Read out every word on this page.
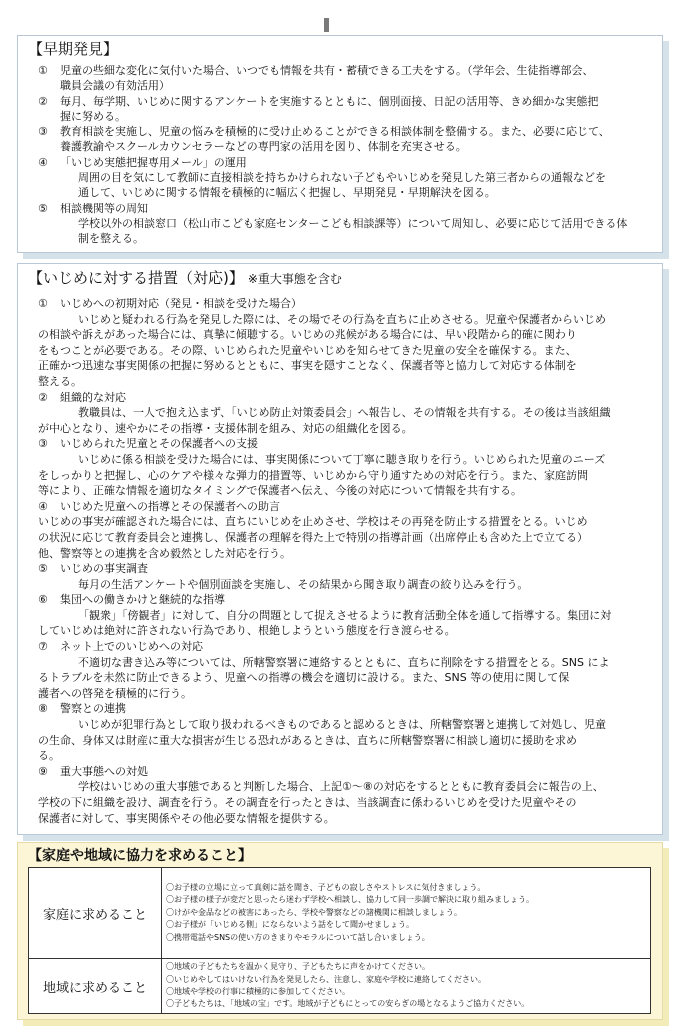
【早期発見】
① 児童の些細な変化に気付いた場合、いつでも情報を共有・蓄積できる工夫をする。（学年会、生徒指導部会、
職員会議の有効活用）
② 毎月、毎学期、いじめに関するアンケートを実施するとともに、個別面接、日記の活用等、きめ細かな実態把
握に努める。
③ 教育相談を実施し、児童の悩みを積極的に受け止めることができる相談体制を整備する。また、必要に応じて、
養護教諭やスクールカウンセラーなどの専門家の活用を図り、体制を充実させる。
④ 「いじめ実態把握専用メール」の運用
周囲の目を気にして教師に直接相談を持ちかけられない子どもやいじめを発見した第三者からの通報などを
通して、いじめに関する情報を積極的に幅広く把握し、早期発見・早期解決を図る。
⑤ 相談機関等の周知
学校以外の相談窓口（松山市こども家庭センターこども相談課等）について周知し、必要に応じて活用できる体
制を整える。
【いじめに対する措置（対応)】 ※重大事態を含む
① いじめへの初期対応（発見・相談を受けた場合）
いじめと疑われる行為を発見した際には、その場でその行為を直ちに止めさせる。児童や保護者からいじめ
の相談や訴えがあった場合には、真摯に傾聴する。いじめの兆候がある場合には、早い段階から的確に関わり
をもつことが必要である。その際、いじめられた児童やいじめを知らせてきた児童の安全を確保する。また、
正確かつ迅速な事実関係の把握に努めるとともに、事実を隠すことなく、保護者等と協力して対応する体制を
整える。
② 組織的な対応
教職員は、一人で抱え込まず、「いじめ防止対策委員会」へ報告し、その情報を共有する。その後は当該組織
が中心となり、速やかにその指導・支援体制を組み、対応の組織化を図る。
③ いじめられた児童とその保護者への支援
いじめに係る相談を受けた場合には、事実関係について丁寧に聴き取りを行う。いじめられた児童のニーズ
をしっかりと把握し、心のケアや様々な弾力的措置等、いじめから守り通すための対応を行う。また、家庭訪問
等により、正確な情報を適切なタイミングで保護者へ伝え、今後の対応について情報を共有する。
④ いじめた児童への指導とその保護者への助言
いじめの事実が確認された場合には、直ちにいじめを止めさせ、学校はその再発を防止する措置をとる。いじめ
の状況に応じて教育委員会と連携し、保護者の理解を得た上で特別の指導計画（出席停止も含めた上で立てる）
他、警察等との連携を含め毅然とした対応を行う。
⑤ いじめの事実調査
毎月の生活アンケートや個別面談を実施し、その結果から聞き取り調査の絞り込みを行う。
⑥ 集団への働きかけと継続的な指導
「観衆」「傍観者」に対して、自分の問題として捉えさせるように教育活動全体を通して指導する。集団に対
していじめは絶対に許されない行為であり、根絶しようという態度を行き渡らせる。
⑦ ネット上でのいじめへの対応
不適切な書き込み等については、所轄警察署に連絡するとともに、直ちに削除をする措置をとる。SNS によ
るトラブルを未然に防止できるよう、児童への指導の機会を適切に設ける。また、SNS 等の使用に関して保
護者への啓発を積極的に行う。
⑧ 警察との連携
いじめが犯罪行為として取り扱われるべきものであると認めるときは、所轄警察署と連携して対処し、児童
の生命、身体又は財産に重大な損害が生じる恐れがあるときは、直ちに所轄警察署に相談し適切に援助を求め
る。
⑨ 重大事態への対処
学校はいじめの重大事態であると判断した場合、上記①～⑧の対応をするとともに教育委員会に報告の上、
学校の下に組織を設け、調査を行う。その調査を行ったときは、当該調査に係わるいじめを受けた児童やその
保護者に対して、事実関係やその他必要な情報を提供する。
【家庭や地域に協力を求めること】
家庭に求めること	〇お子様の立場に立って真剣に話を聞き、子どもの寂しさやストレスに気付きましょう。
〇お子様の様子が変だと思ったら迷わず学校へ相談し、協力して同一歩調で解決に取り組みましょう。
〇けがや金品などの被害にあったら、学校や警察などの諸機関に相談しましょう。
〇お子様が「いじめる側」にならないよう話をして聞かせましょう。
〇携帯電話やSNSの使い方のきまりやモラルについて話し合いましょう。

地域に求めること	〇地域の子どもたちを温かく見守り、子どもたちに声をかけてください。
〇いじめやしてはいけない行為を発見したら、注意し、家庭や学校に連絡してください。
〇地域や学校の行事に積極的に参加してください。
〇子どもたちは、「地域の宝」です。地域が子どもにとっての安らぎの場となるようご協力ください。
